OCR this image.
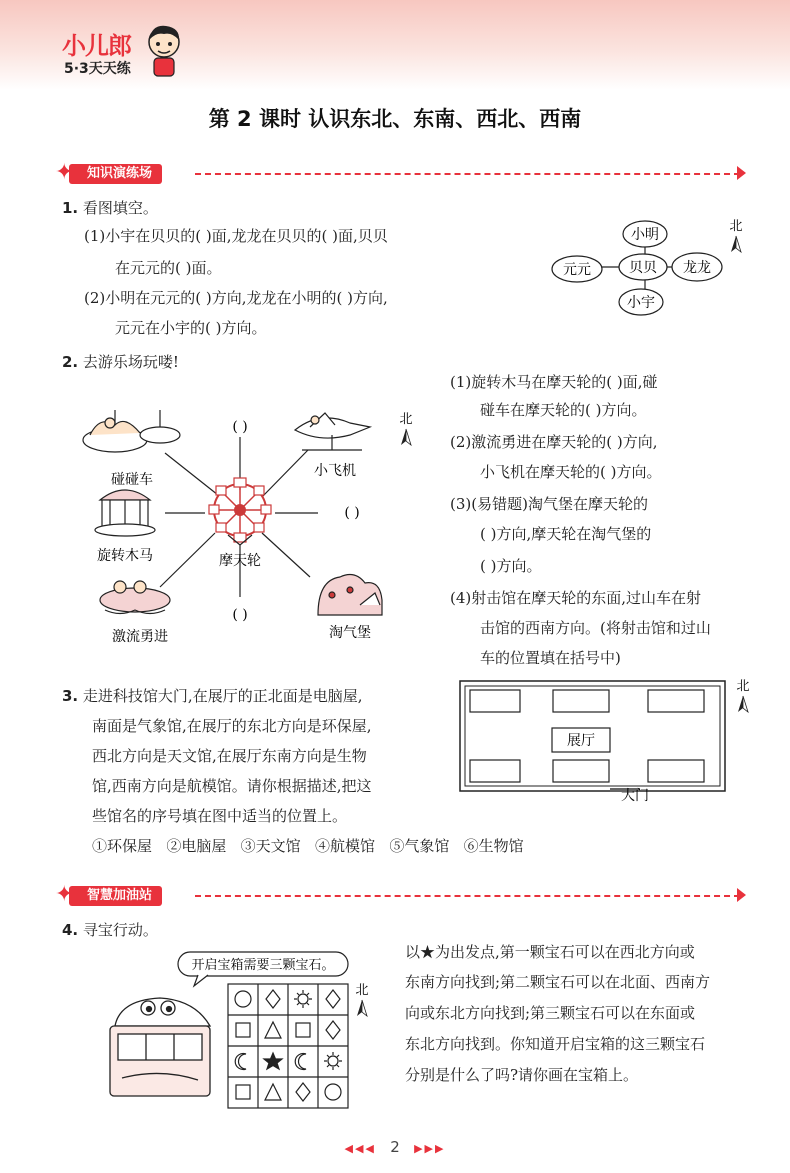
小儿郎
5·3天天练
第 2 课时 认识东北、东南、西北、西南
知识演练场
✦
1. 看图填空。
(1)小宇在贝贝的( )面,龙龙在贝贝的( )面,贝贝
在元元的( )面。
(2)小明在元元的( )方向,龙龙在小明的( )方向,
元元在小宇的( )方向。
小明
元元	贝贝 龙龙
小宇
北
2. 去游乐场玩喽!
摩天轮
碰碰车
小飞机
旋转木马
激流勇进	淘气堡
( )
( )
( )
北
(1)旋转木马在摩天轮的( )面,碰
碰车在摩天轮的( )方向。
(2)激流勇进在摩天轮的( )方向,
小飞机在摩天轮的( )方向。
(3)(易错题)淘气堡在摩天轮的
( )方向,摩天轮在淘气堡的
( )方向。
(4)射击馆在摩天轮的东面,过山车在射
击馆的西南方向。(将射击馆和过山
车的位置填在括号中)
3. 走进科技馆大门,在展厅的正北面是电脑屋,
南面是气象馆,在展厅的东北方向是环保屋,
西北方向是天文馆,在展厅东南方向是生物
馆,西南方向是航模馆。请你根据描述,把这
些馆名的序号填在图中适当的位置上。
①环保屋 ②电脑屋 ③天文馆 ④航模馆 ⑤气象馆 ⑥生物馆
展厅
大门
北
智慧加油站
✦
4. 寻宝行动。
开启宝箱需要三颗宝石。
北
以★为出发点,第一颗宝石可以在西北方向或
东南方向找到;第二颗宝石可以在北面、西南方
向或东北方向找到;第三颗宝石可以在东面或
东北方向找到。你知道开启宝箱的这三颗宝石
分别是什么了吗?请你画在宝箱上。
◀◀◀ 2 ▶▶▶
